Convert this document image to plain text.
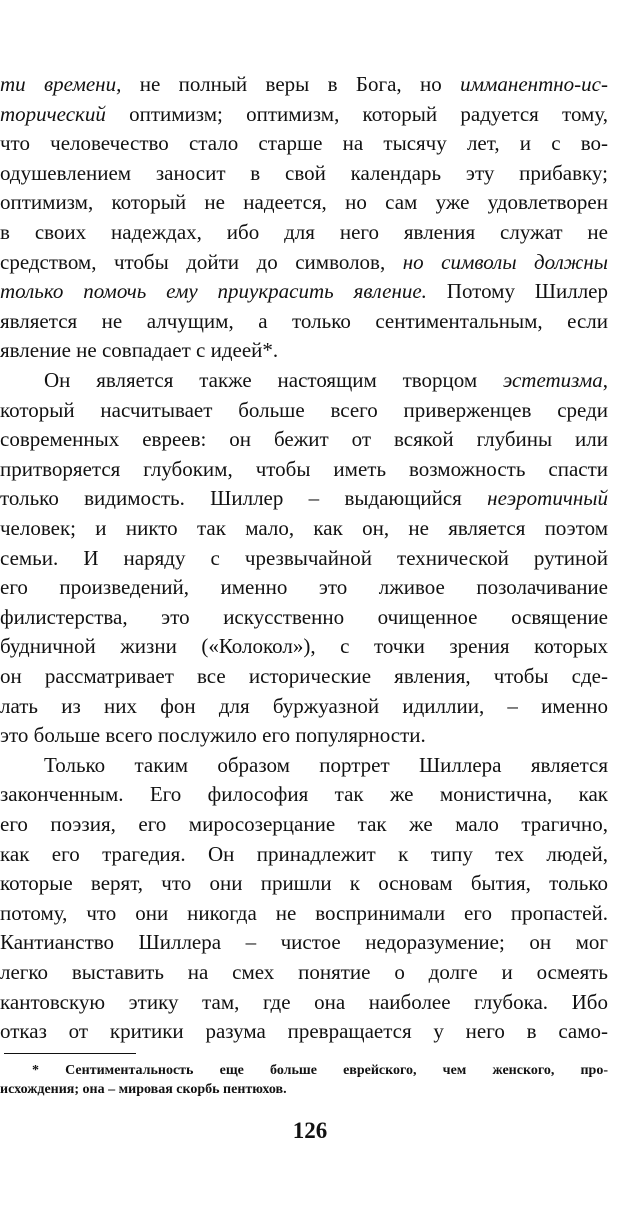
ти времени, не полный веры в Бога, но имманентно-ис-
торический оптимизм; оптимизм, который радуется тому,
что человечество стало старше на тысячу лет, и с во-
одушевлением заносит в свой календарь эту прибавку;
оптимизм, который не надеется, но сам уже удовлетворен
в своих надеждах, ибо для него явления служат не
средством, чтобы дойти до символов, но символы должны
только помочь ему приукрасить явление. Потому Шиллер
является не алчущим, а только сентиментальным, если
явление не совпадает с идеей*.
Он является также настоящим творцом эстетизма,
который насчитывает больше всего приверженцев среди
современных евреев: он бежит от всякой глубины или
притворяется глубоким, чтобы иметь возможность спасти
только видимость. Шиллер – выдающийся неэротичный
человек; и никто так мало, как он, не является поэтом
семьи. И наряду с чрезвычайной технической рутиной
его произведений, именно это лживое позолачивание
филистерства, это искусственно очищенное освящение
будничной жизни («Колокол»), с точки зрения которых
он рассматривает все исторические явления, чтобы сде-
лать из них фон для буржуазной идиллии, – именно
это больше всего послужило его популярности.
Только таким образом портрет Шиллера является
законченным. Его философия так же монистична, как
его поэзия, его миросозерцание так же мало трагично,
как его трагедия. Он принадлежит к типу тех людей,
которые верят, что они пришли к основам бытия, только
потому, что они никогда не воспринимали его пропастей.
Кантианство Шиллера – чистое недоразумение; он мог
легко выставить на смех понятие о долге и осмеять
кантовскую этику там, где она наиболее глубока. Ибо
отказ от критики разума превращается у него в само-
* Сентиментальность еще больше еврейского, чем женского, про-
исхождения; она – мировая скорбь пентюхов.
126
